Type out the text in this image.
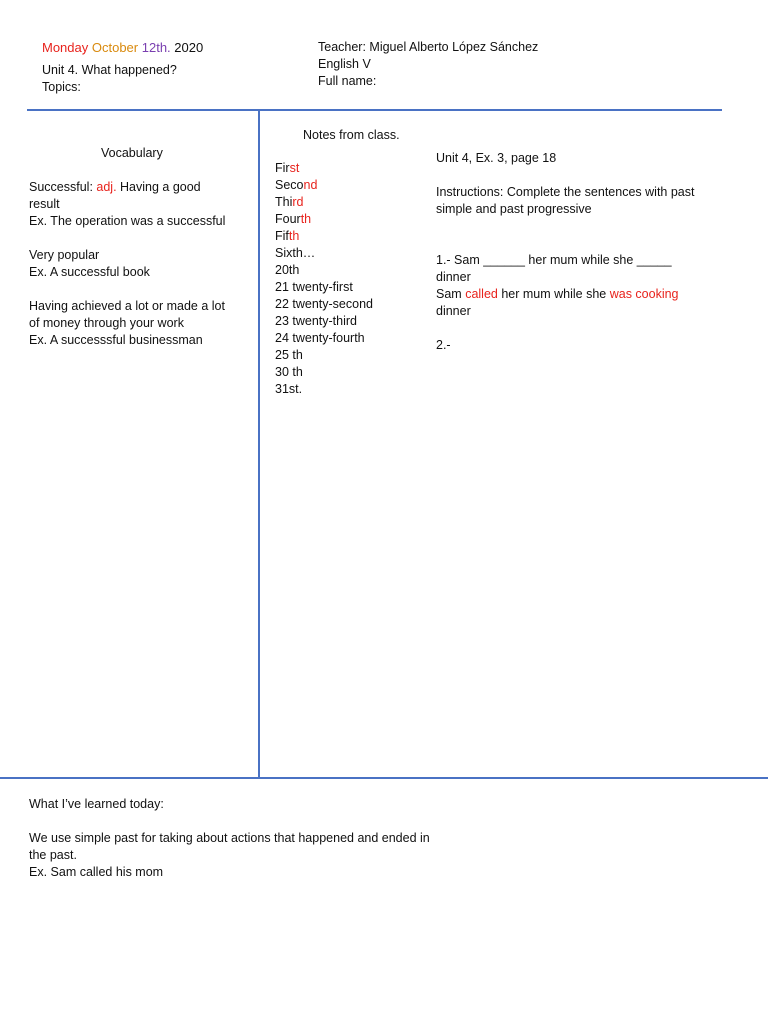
Monday October 12th. 2020
Unit 4. What happened?
Topics:
Teacher: Miguel Alberto López Sánchez
English V
Full name:
Vocabulary
Successful: adj. Having a good
result
Ex. The operation was a successful
Very popular
Ex. A successful book
Having achieved a lot or made a lot
of money through your work
Ex. A successsful businessman
Notes from class.
First
Second
Third
Fourth
Fifth
Sixth…
20th
21 twenty-first
22 twenty-second
23 twenty-third
24 twenty-fourth
25 th
30 th
31st.
Unit 4, Ex. 3, page 18
Instructions: Complete the sentences with past
simple and past progressive
1.- Sam ______ her mum while she _____
dinner
Sam called her mum while she was cooking
dinner
2.-
What I’ve learned today:
We use simple past for taking about actions that happened and ended in
the past.
Ex. Sam called his mom
